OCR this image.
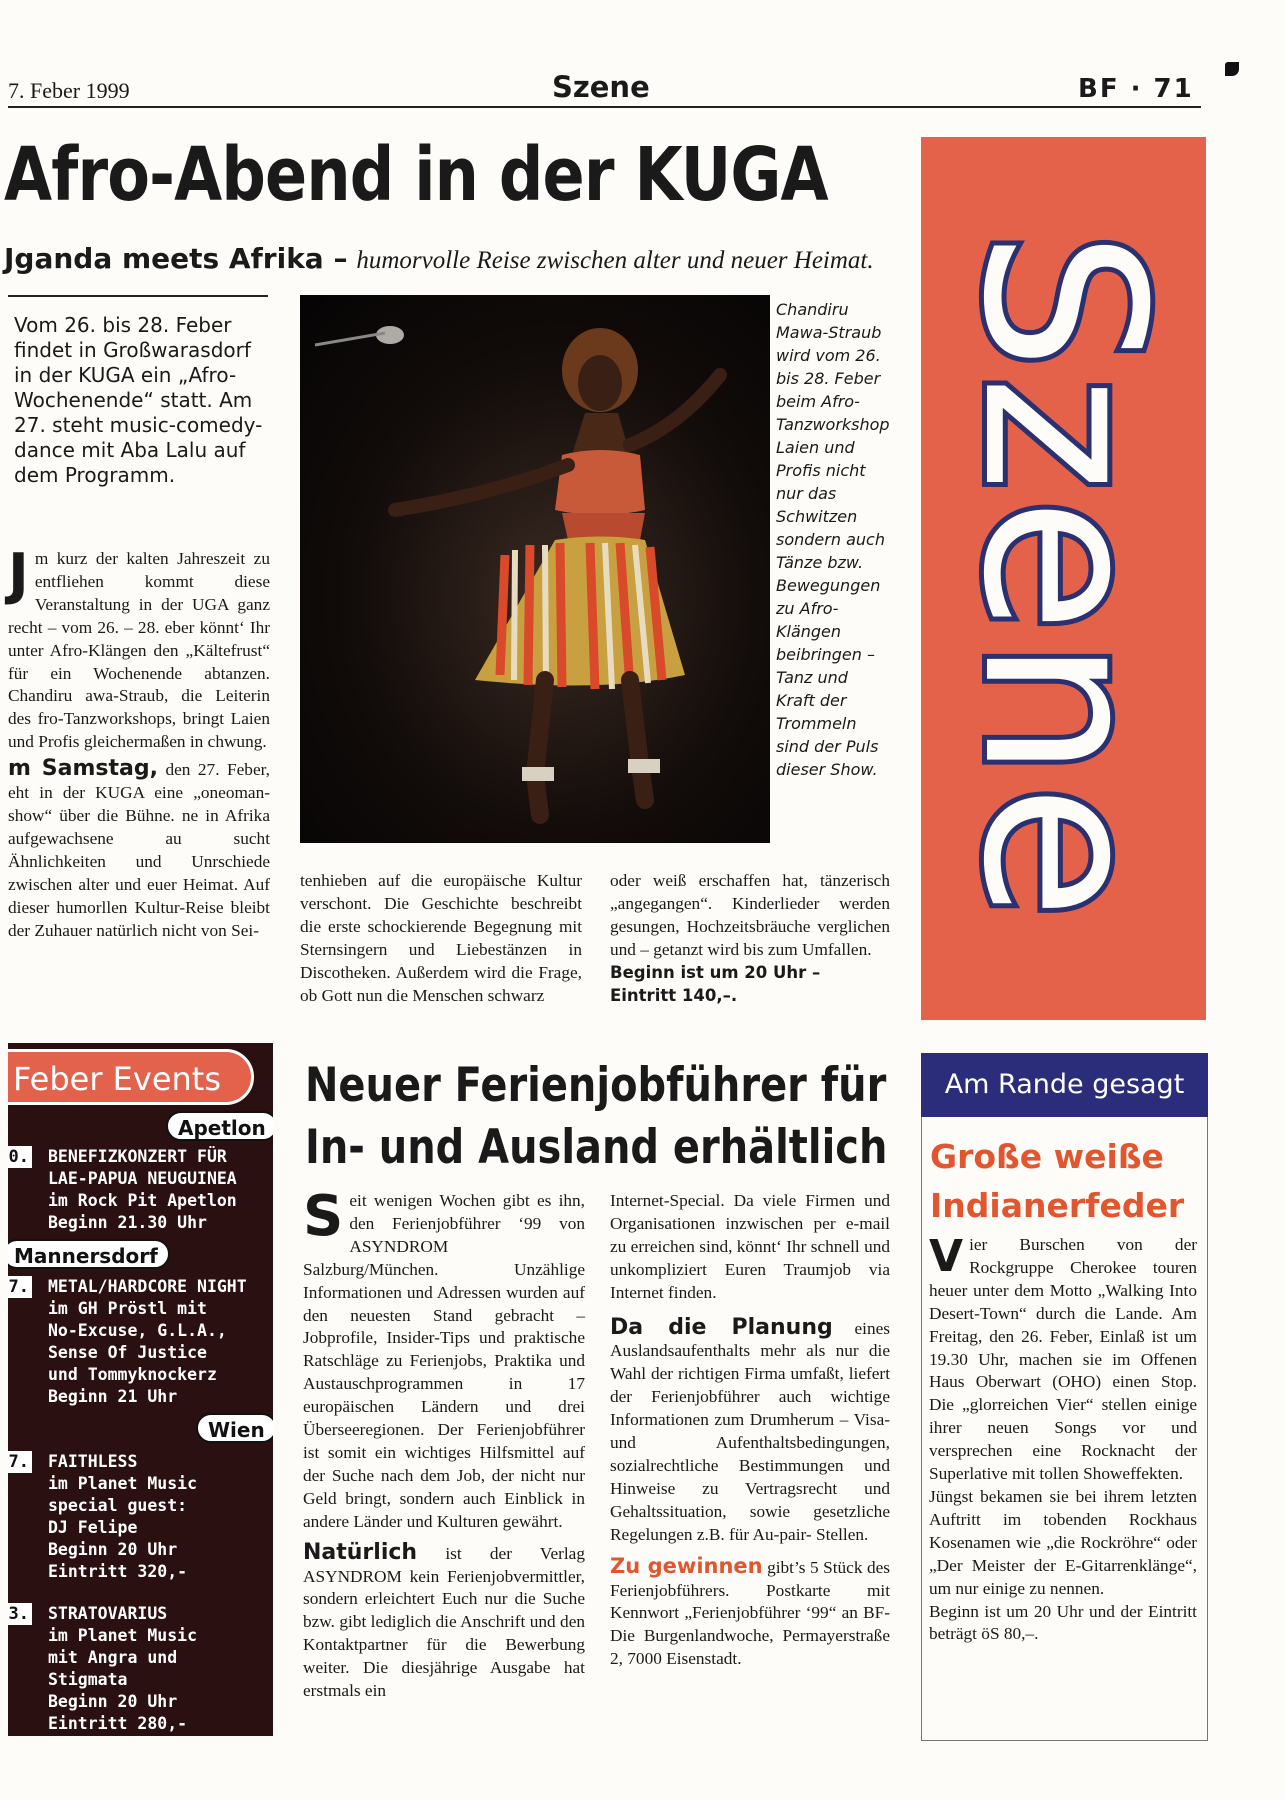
7. Feber 1999	Szene	BF · 71
Afro-Abend in der KUGA
Jganda meets Afrika – humorvolle Reise zwischen alter und neuer Heimat.
Vom 26. bis 28. Feber findet in Großwarasdorf in der KUGA ein „Afro-Wochenende“ statt. Am 27. steht music-comedy-dance mit Aba Lalu auf dem Programm.

Jm kurz der kalten Jahreszeit zu entfliehen kommt diese Veranstaltung in der UGA ganz recht – vom 26. – 28. eber könnt‘ Ihr unter Afro-Klängen den „Kältefrust“ für ein Wochenende abtanzen. Chandiru awa-Straub, die Leiterin des fro-Tanzworkshops, bringt Laien und Profis gleichermaßen in chwung.

m Samstag, den 27. Feber, eht in der KUGA eine „oneoman-show“ über die Bühne. ne in Afrika aufgewachsene au sucht Ähnlichkeiten und Unrschiede zwischen alter und euer Heimat. Auf dieser humorllen Kultur-Reise bleibt der Zuhauer natürlich nicht von Sei-

Chandiru Mawa-Straub wird vom 26. bis 28. Feber beim Afro-Tanzworkshop Laien und Profis nicht nur das Schwitzen sondern auch Tänze bzw. Bewegungen zu Afro-Klängen beibringen – Tanz und Kraft der Trommeln sind der Puls dieser Show.
tenhieben auf die europäische Kultur verschont. Die Geschichte beschreibt die erste schockierende Begegnung mit Sternsingern und Liebestänzen in Discotheken. Außerdem wird die Frage, ob Gott nun die Menschen schwarz

oder weiß erschaffen hat, tänzerisch „angegangen“. Kinderlieder werden gesungen, Hochzeitsbräuche verglichen und – getanzt wird bis zum Umfallen.

Beginn ist um 20 Uhr –

Eintritt 140,–.

Szene
Feber Events
Apetlon
0. BENEFIZKONZERT FÜR
LAE-PAPUA NEUGUINEA
im Rock Pit Apetlon
Beginn 21.30 Uhr
Mannersdorf
7. METAL/HARDCORE NIGHT
im GH Pröstl mit
No-Excuse, G.L.A.,
Sense Of Justice
und Tommyknockerz
Beginn 21 Uhr
Wien
7. FAITHLESS
im Planet Music
special guest:
DJ Felipe
Beginn 20 Uhr
Eintritt 320,-
3. STRATOVARIUS
im Planet Music
mit Angra und
Stigmata
Beginn 20 Uhr
Eintritt 280,-
Neuer Ferienjobführer für
In- und Ausland erhältlich

Seit wenigen Wochen gibt es ihn, den Ferienjobführer ‘99 von ASYNDROM Salzburg/München. Unzählige Informationen und Adressen wurden auf den neuesten Stand gebracht – Jobprofile, Insider-Tips und praktische Ratschläge zu Ferienjobs, Praktika und Austauschprogrammen in 17 europäischen Ländern und drei Überseeregionen. Der Ferienjobführer ist somit ein wichtiges Hilfsmittel auf der Suche nach dem Job, der nicht nur Geld bringt, sondern auch Einblick in andere Länder und Kulturen gewährt.

Natürlich ist der Verlag ASYNDROM kein Ferienjobvermittler, sondern erleichtert Euch nur die Suche bzw. gibt lediglich die Anschrift und den Kontaktpartner für die Bewerbung weiter. Die diesjährige Ausgabe hat erstmals ein

Internet-Special. Da viele Firmen und Organisationen inzwischen per e-mail zu erreichen sind, könnt‘ Ihr schnell und unkompliziert Euren Traumjob via Internet finden.

Da die Planung eines Auslandsaufenthalts mehr als nur die Wahl der richtigen Firma umfaßt, liefert der Ferienjobführer auch wichtige Informationen zum Drumherum – Visa- und Aufenthaltsbedingungen, sozialrechtliche Bestimmungen und Hinweise zu Vertragsrecht und Gehaltssituation, sowie gesetzliche Regelungen z.B. für Au-pair- Stellen.

Zu gewinnen gibt’s 5 Stück des Ferienjobführers. Postkarte mit Kennwort „Ferienjobführer ‘99“ an BF-Die Burgenlandwoche, Permayerstraße 2, 7000 Eisenstadt.

Am Rande gesagt
Große weiße Indianerfeder

Vier Burschen von der Rockgruppe Cherokee touren heuer unter dem Motto „Walking Into Desert-Town“ durch die Lande. Am Freitag, den 26. Feber, Einlaß ist um 19.30 Uhr, machen sie im Offenen Haus Oberwart (OHO) einen Stop. Die „glorreichen Vier“ stellen einige ihrer neuen Songs vor und versprechen eine Rocknacht der Superlative mit tollen Showeffekten.

Jüngst bekamen sie bei ihrem letzten Auftritt im tobenden Rockhaus Kosenamen wie „die Rockröhre“ oder „Der Meister der E-Gitarrenklänge“, um nur einige zu nennen.

Beginn ist um 20 Uhr und der Eintritt beträgt öS 80,–.
